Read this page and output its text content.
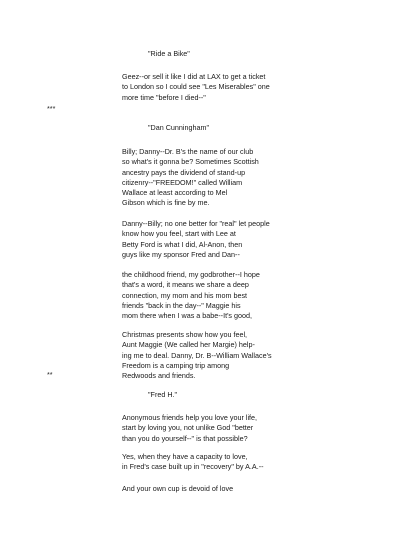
"Ride a Bike"
Geez--or sell it like I did at LAX to get a ticket
to London so I could see "Les Miserables" one
more time "before I died--"
***
"Dan Cunningham"
Billy; Danny--Dr. B's the name of our club
so what's it gonna be? Sometimes Scottish
ancestry pays the dividend of stand-up
citizenry--"FREEDOM!" called William
Wallace at least according to Mel
Gibson which is fine by me.
Danny--Billy; no one better for "real" let people
know how you feel, start with Lee at
Betty Ford is what I did, Al-Anon, then
guys like my sponsor Fred and Dan--
the childhood friend, my godbrother--I hope
that's a word, it means we share a deep
connection, my mom and his mom best
friends "back in the day--" Maggie his
mom there when I was a babe--It's good,
Christmas presents show how you feel,
Aunt Maggie (We called her Margie) help-
ing me to deal. Danny, Dr. B--William Wallace's
Freedom is a camping trip among
Redwoods and friends.
**
"Fred H."
Anonymous friends help you love your life,
start by loving you, not unlike God "better
than you do yourself--" is that possible?
Yes, when they have a capacity to love,
in Fred's case built up in "recovery" by A.A.--
And your own cup is devoid of love
